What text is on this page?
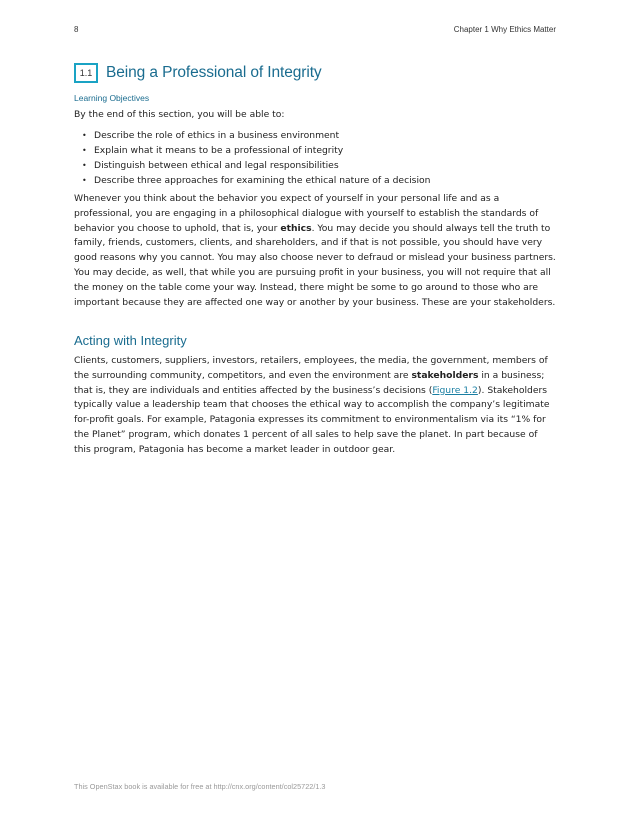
8	Chapter 1 Why Ethics Matter
1.1 Being a Professional of Integrity
Learning Objectives
By the end of this section, you will be able to:
• Describe the role of ethics in a business environment
• Explain what it means to be a professional of integrity
• Distinguish between ethical and legal responsibilities
• Describe three approaches for examining the ethical nature of a decision

Whenever you think about the behavior you expect of yourself in your personal life and as a professional, you are engaging in a philosophical dialogue with yourself to establish the standards of behavior you choose to uphold, that is, your ethics. You may decide you should always tell the truth to family, friends, customers, clients, and shareholders, and if that is not possible, you should have very good reasons why you cannot. You may also choose never to defraud or mislead your business partners. You may decide, as well, that while you are pursuing profit in your business, you will not require that all the money on the table come your way. Instead, there might be some to go around to those who are important because they are affected one way or another by your business. These are your stakeholders.

Acting with Integrity

Clients, customers, suppliers, investors, retailers, employees, the media, the government, members of the surrounding community, competitors, and even the environment are stakeholders in a business; that is, they are individuals and entities affected by the business’s decisions (Figure 1.2). Stakeholders typically value a leadership team that chooses the ethical way to accomplish the company’s legitimate for-profit goals. For example, Patagonia expresses its commitment to environmentalism via its “1% for the Planet” program, which donates 1 percent of all sales to help save the planet. In part because of this program, Patagonia has become a market leader in outdoor gear.

This OpenStax book is available for free at http://cnx.org/content/col25722/1.3
